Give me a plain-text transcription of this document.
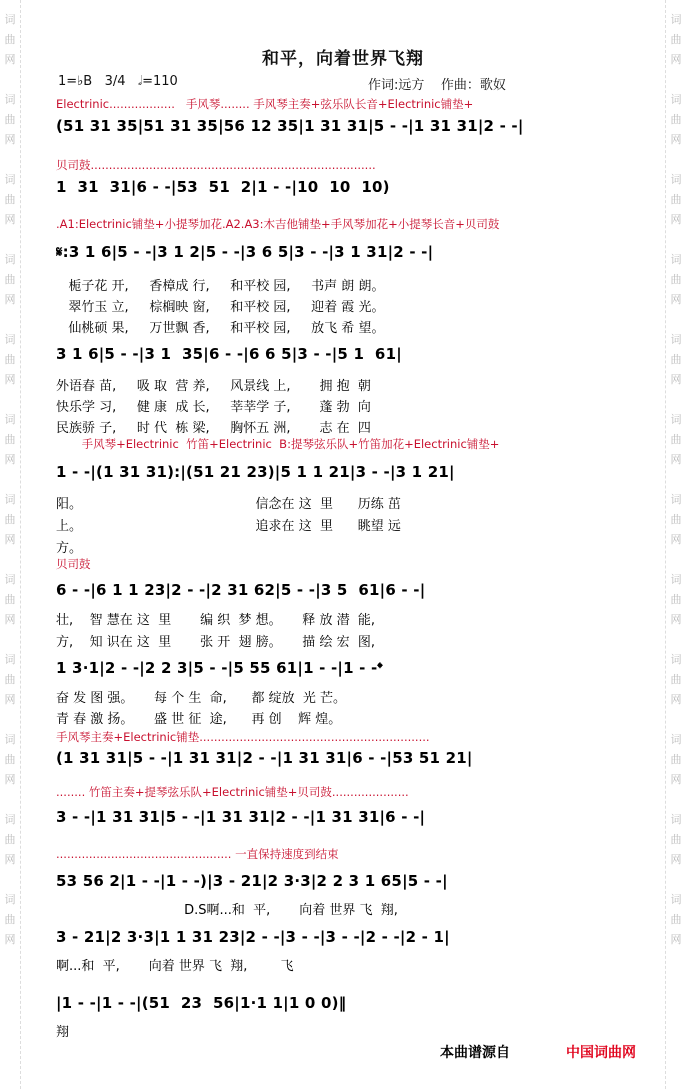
词
曲
网

词
曲
网

词
曲
网

词
曲
网

词
曲
网

词
曲
网

词
曲
网

词
曲
网

词
曲
网

词
曲
网

词
曲
网

词
曲
网
词
曲
网

词
曲
网

词
曲
网

词
曲
网

词
曲
网

词
曲
网

词
曲
网

词
曲
网

词
曲
网

词
曲
网

词
曲
网

词
曲
网
和平，向着世界飞翔
1=♭B 3/4 𝅗𝅥=110	作词:远方 作曲：歌奴
Electrinic..................   手风琴........ 手风琴主奏+弦乐队长音+Electrinic铺垫+
(51 31 35|51 31 35|56 12 35|1 31 31|5 - -|1 31 31|2 - -|
贝司鼓..............................................................................
1  31  31|6 - -|53  51  2|1 - -|10  10  10)
.A1:Electrinic铺垫+小提琴加花.A2.A3:木吉他铺垫+手风琴加花+小提琴长音+贝司鼓
𝄋:3 1 6|5 - -|3 1 2|5 - -|3 6 5|3 - -|3 1 31|2 - -|
栀子花 开,     香樟成 行,     和平校 园,     书声 朗 朗。
翠竹玉 立,     棕榈映 窗,     和平校 园,     迎着 霞 光。
仙桃硕 果,     万世飘 香,     和平校 园,     放飞 希 望。
3 1 6|5 - -|3 1  35|6 - -|6 6 5|3 - -|5 1  61|
外语春 苗,     吸 取  营 养,     风景线 上,       拥 抱  朝
快乐学 习,     健 康  成 长,     莘莘学 子,       蓬 勃  向
民族骄 子,     时 代  栋 梁,     胸怀五 洲,       志 在  四
手风琴+Electrinic  竹笛+Electrinic  B:提琴弦乐队+竹笛加花+Electrinic铺垫+
1 - -|(1 31 31):|(51 21 23)|5 1 1 21|3 - -|3 1 21|
阳。                                          信念在 这  里      历练 茁
上。                                          追求在 这  里      眺望 远
方。
贝司鼓
6 - -|6 1 1 23|2 - -|2 31 62|5 - -|3 5  61|6 - -|
壮,    智 慧在 这  里       编 织  梦 想。     释 放 潜  能,
方,    知 识在 这  里       张 开  翅 膀。     描 绘 宏  图,
1 3·1|2 - -|2 2 3|5 - -|5 55 61|1 - -|1 - -𝄌
奋 发 图 强。     每 个 生  命,      都 绽放  光 芒。
青 春 激 扬。     盛 世 征  途,      再 创    辉 煌。
手风琴主奏+Electrinic铺垫...............................................................
(1 31 31|5 - -|1 31 31|2 - -|1 31 31|6 - -|53 51 21|
........ 竹笛主奏+提琴弦乐队+Electrinic铺垫+贝司鼓.....................
3 - -|1 31 31|5 - -|1 31 31|2 - -|1 31 31|6 - -|
................................................ 一直保持速度到结束
53 56 2|1 - -|1 - -)|3 - 21|2 3·3|2 2 3 1 65|5 - -|
D.S啊...和  平,       向着 世界 飞  翔,
3 - 21|2 3·3|1 1 31 23|2 - -|3 - -|3 - -|2 - -|2 - 1|
啊...和  平,       向着 世界 飞  翔,        飞
|1 - -|1 - -|(51  23  56|1·1 1|1 0 0)‖
翔
本曲谱源自	中国词曲网
